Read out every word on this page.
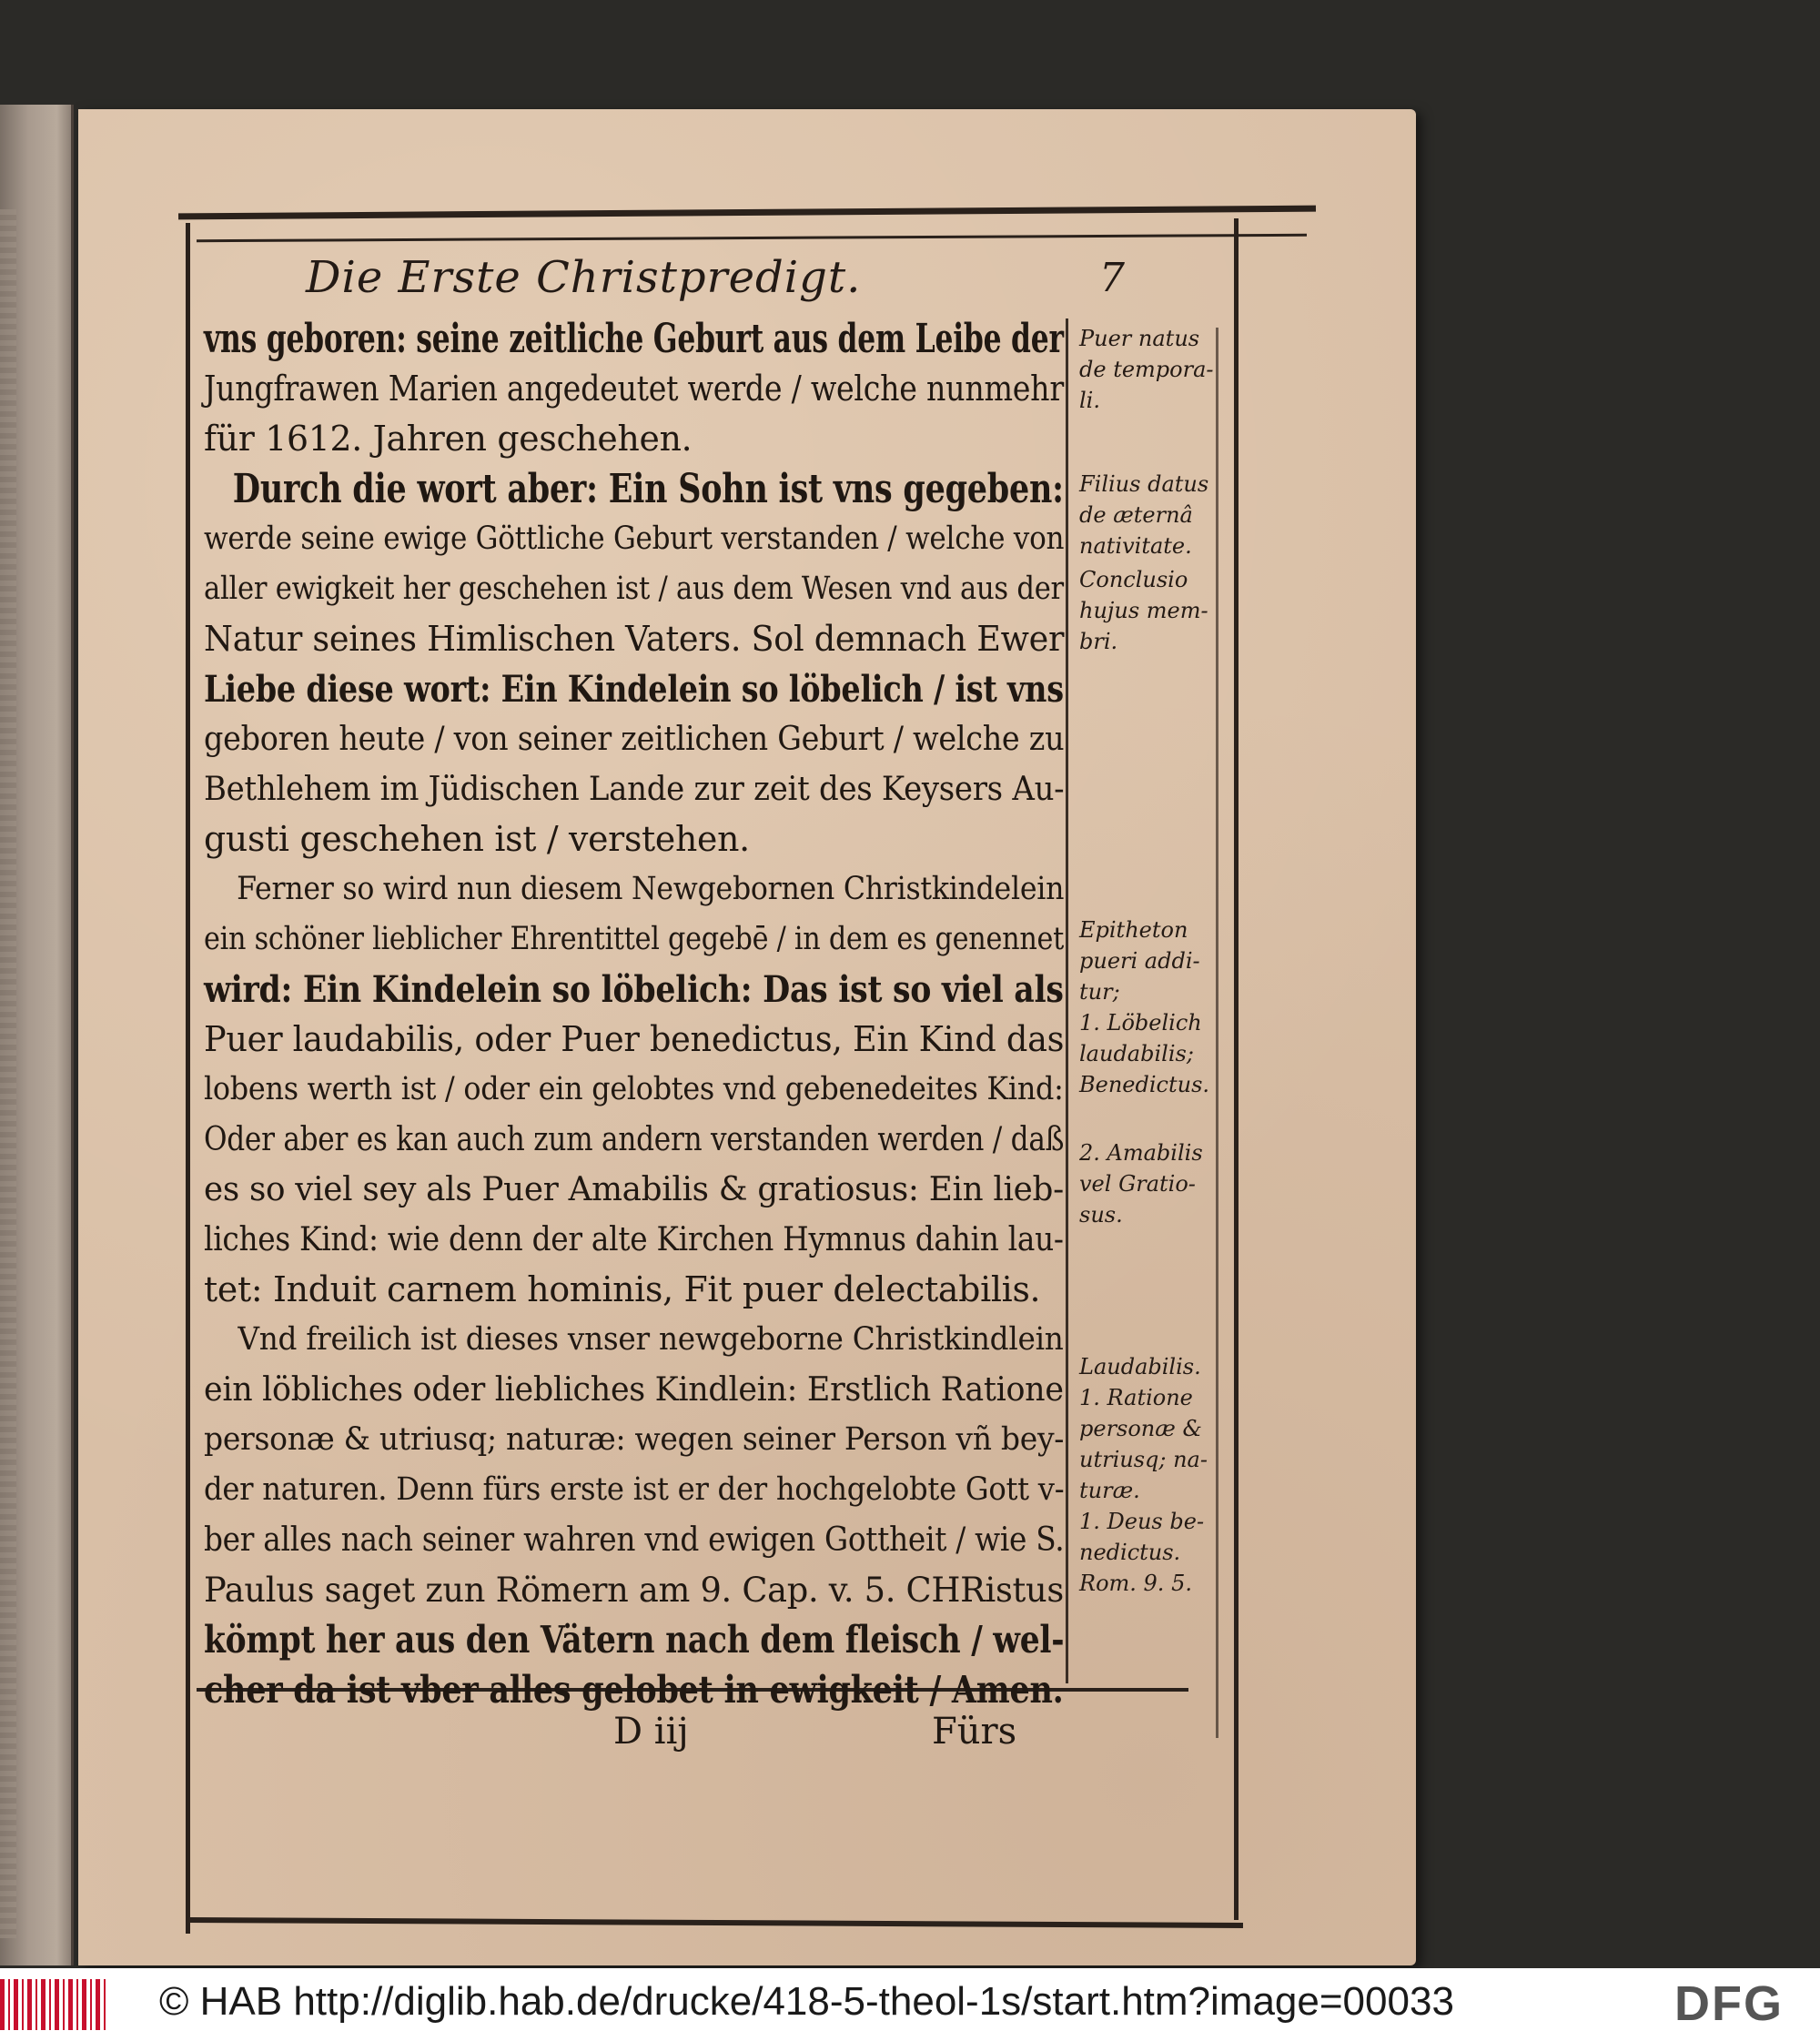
Die Erste Christpredigt.	7
vns geboren: seine zeitliche Geburt aus dem Leibe der
Jungfrawen Marien angedeutet werde / welche nunmehr
für 1612. Jahren geschehen.
Durch die wort aber: Ein Sohn ist vns gegeben:
werde seine ewige Göttliche Geburt verstanden / welche von
aller ewigkeit her geschehen ist / aus dem Wesen vnd aus der
Natur seines Himlischen Vaters. Sol demnach Ewer
Liebe diese wort: Ein Kindelein so löbelich / ist vns
geboren heute / von seiner zeitlichen Geburt / welche zu
Bethlehem im Jüdischen Lande zur zeit des Keysers Au-
gusti geschehen ist / verstehen.
Ferner so wird nun diesem Newgebornen Christkindelein
ein schöner lieblicher Ehrentittel gegebē / in dem es genennet
wird: Ein Kindelein so löbelich: Das ist so viel als
Puer laudabilis, oder Puer benedictus, Ein Kind das
lobens werth ist / oder ein gelobtes vnd gebenedeites Kind:
Oder aber es kan auch zum andern verstanden werden / daß
es so viel sey als Puer Amabilis & gratiosus: Ein lieb-
liches Kind: wie denn der alte Kirchen Hymnus dahin lau-
tet: Induit carnem hominis, Fit puer delectabilis.
Vnd freilich ist dieses vnser newgeborne Christkindlein
ein löbliches oder liebliches Kindlein: Erstlich Ratione
personæ & utriusq; naturæ: wegen seiner Person vñ bey-
der naturen. Denn fürs erste ist er der hochgelobte Gott v-
ber alles nach seiner wahren vnd ewigen Gottheit / wie S.
Paulus saget zun Römern am 9. Cap. v. 5. CHRistus
kömpt her aus den Vätern nach dem fleisch / wel-
cher da ist vber alles gelobet in ewigkeit / Amen.
Puer natus
de tempora-
li.
Filius datus
de æternâ
nativitate.
Conclusio
hujus mem-
bri.
Epitheton
pueri addi-
tur;
1. Löbelich
laudabilis;
Benedictus.
2. Amabilis
vel Gratio-
sus.
Laudabilis.
1. Ratione
personæ &
utriusq; na-
turæ.
1. Deus be-
nedictus.
Rom. 9. 5.
D iij	Fürs
© HAB http://diglib.hab.de/drucke/418-5-theol-1s/start.htm?image=00033	DFG
